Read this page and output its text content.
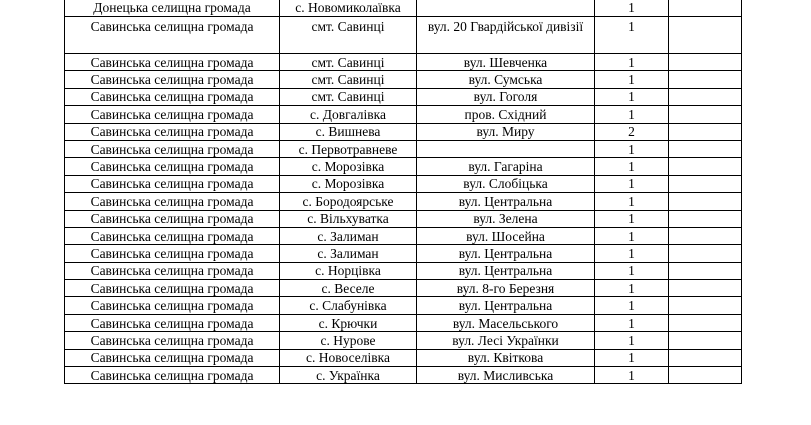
Донецька селищна громада	с. Новомиколаївка		1	
Савинська селищна громада	смт. Савинці	вул. 20 Гвардійської дивізії	1	
Савинська селищна громада	смт. Савинці	вул. Шевченка	1	
Савинська селищна громада	смт. Савинці	вул. Сумська	1	
Савинська селищна громада	смт. Савинці	вул. Гоголя	1	
Савинська селищна громада	с. Довгалівка	пров. Східний	1	
Савинська селищна громада	с. Вишнева	вул. Миру	2	
Савинська селищна громада	с. Первотравневе		1	
Савинська селищна громада	с. Морозівка	вул. Гагаріна	1	
Савинська селищна громада	с. Морозівка	вул. Слобіцька	1	
Савинська селищна громада	с. Бородоярське	вул. Центральна	1	
Савинська селищна громада	с. Вільхуватка	вул. Зелена	1	
Савинська селищна громада	с. Залиман	вул. Шосейна	1	
Савинська селищна громада	с. Залиман	вул. Центральна	1	
Савинська селищна громада	с. Норцівка	вул. Центральна	1	
Савинська селищна громада	с. Веселе	вул. 8-го Березня	1	
Савинська селищна громада	с. Слабунівка	вул. Центральна	1	
Савинська селищна громада	с. Крючки	вул. Масельського	1	
Савинська селищна громада	с. Нурове	вул. Лесі Українки	1	
Савинська селищна громада	с. Новоселівка	вул. Квіткова	1	
Савинська селищна громада	с. Українка	вул. Мисливська	1	
